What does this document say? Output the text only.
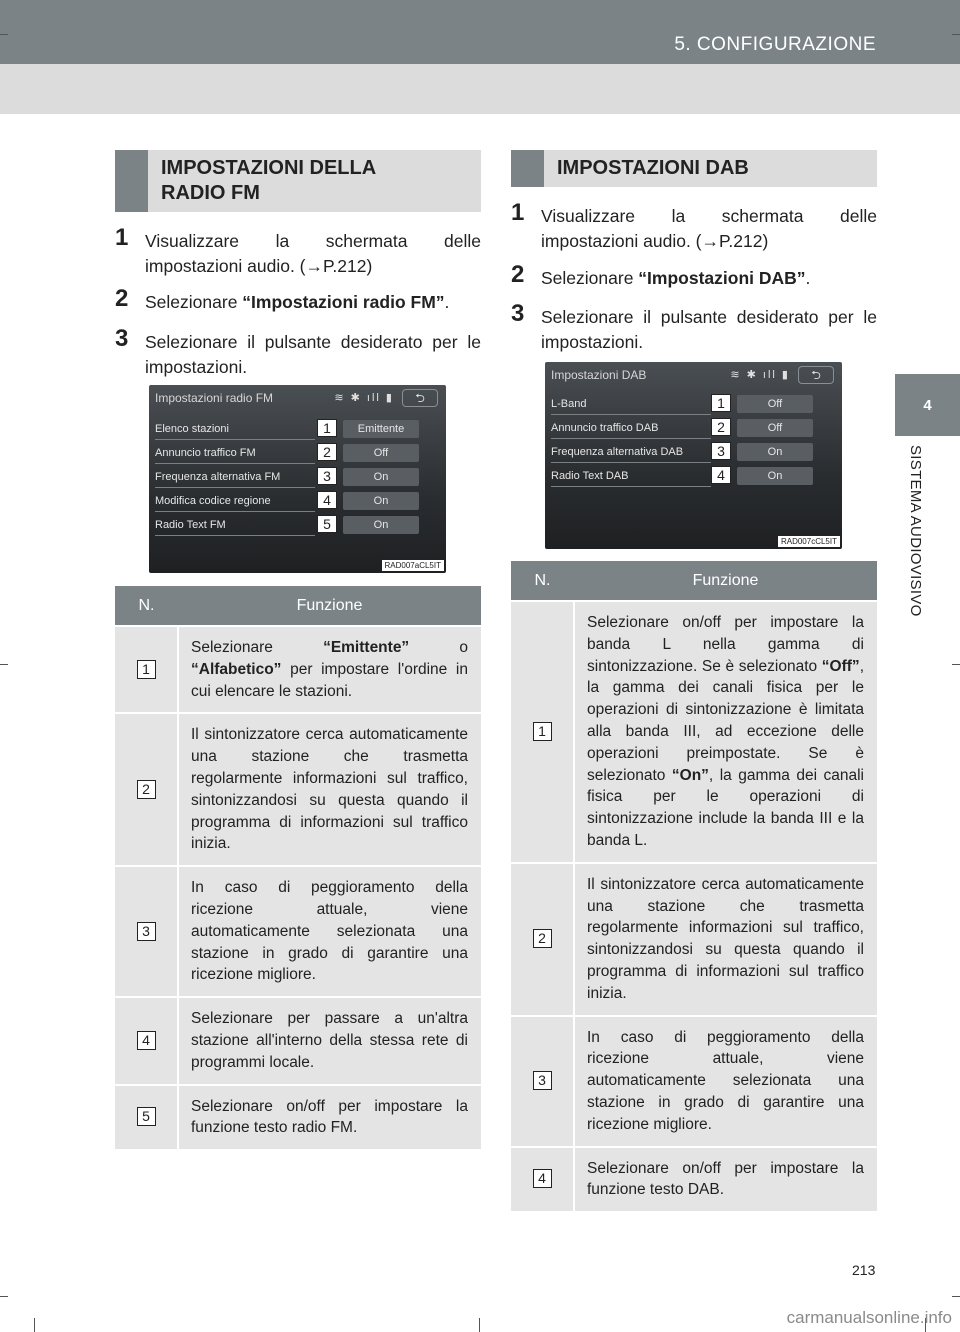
5. CONFIGURAZIONE
4
SISTEMA AUDIOVISIVO
IMPOSTAZIONI DELLA
RADIO FM
1 Visualizzare la schermata delle impostazioni audio. (→P.212)
2 Selezionare “Impostazioni radio FM”.
3 Selezionare il pulsante desiderato per le impostazioni.
Impostazioni radio FM	≋ ✱ ıll ▮	⮌
Elenco stazioni	1	Emittente
Annuncio traffico FM	2	Off
Frequenza alternativa FM	3	On
Modifica codice regione	4	On
Radio Text FM	5	On
RAD007aCL5IT
N.	Funzione
1	Selezionare “Emittente” o “Alfabetico” per impostare l'ordine in cui elencare le stazioni.
2	Il sintonizzatore cerca automaticamente una stazione che trasmetta regolarmente informazioni sul traffico, sintonizzandosi su questa quando il programma di informazioni sul traffico inizia.
3	In caso di peggioramento della ricezione attuale, viene automaticamente selezionata una stazione in grado di garantire una ricezione migliore.
4	Selezionare per passare a un'altra stazione all'interno della stessa rete di programmi locale.
5	Selezionare on/off per impostare la funzione testo radio FM.
IMPOSTAZIONI DAB
1 Visualizzare la schermata delle impostazioni audio. (→P.212)
2 Selezionare “Impostazioni DAB”.
3 Selezionare il pulsante desiderato per le impostazioni.
Impostazioni DAB	≋ ✱ ıll ▮	⮌
L-Band	1	Off
Annuncio traffico DAB	2	Off
Frequenza alternativa DAB	3	On
Radio Text DAB	4	On
RAD007cCL5IT
N.	Funzione
1	Selezionare on/off per impostare la banda L nella gamma di sintonizzazione. Se è selezionato “Off”, la gamma dei canali fisica per le operazioni di sintonizzazione è limitata alla banda III, ad eccezione delle operazioni preimpostate. Se è selezionato “On”, la gamma dei canali fisica per le operazioni di sintonizzazione include la banda III e la banda L.
2	Il sintonizzatore cerca automaticamente una stazione che trasmetta regolarmente informazioni sul traffico, sintonizzandosi su questa quando il programma di informazioni sul traffico inizia.
3	In caso di peggioramento della ricezione attuale, viene automaticamente selezionata una stazione in grado di garantire una ricezione migliore.
4	Selezionare on/off per impostare la funzione testo DAB.
213
carmanualsonline.info
